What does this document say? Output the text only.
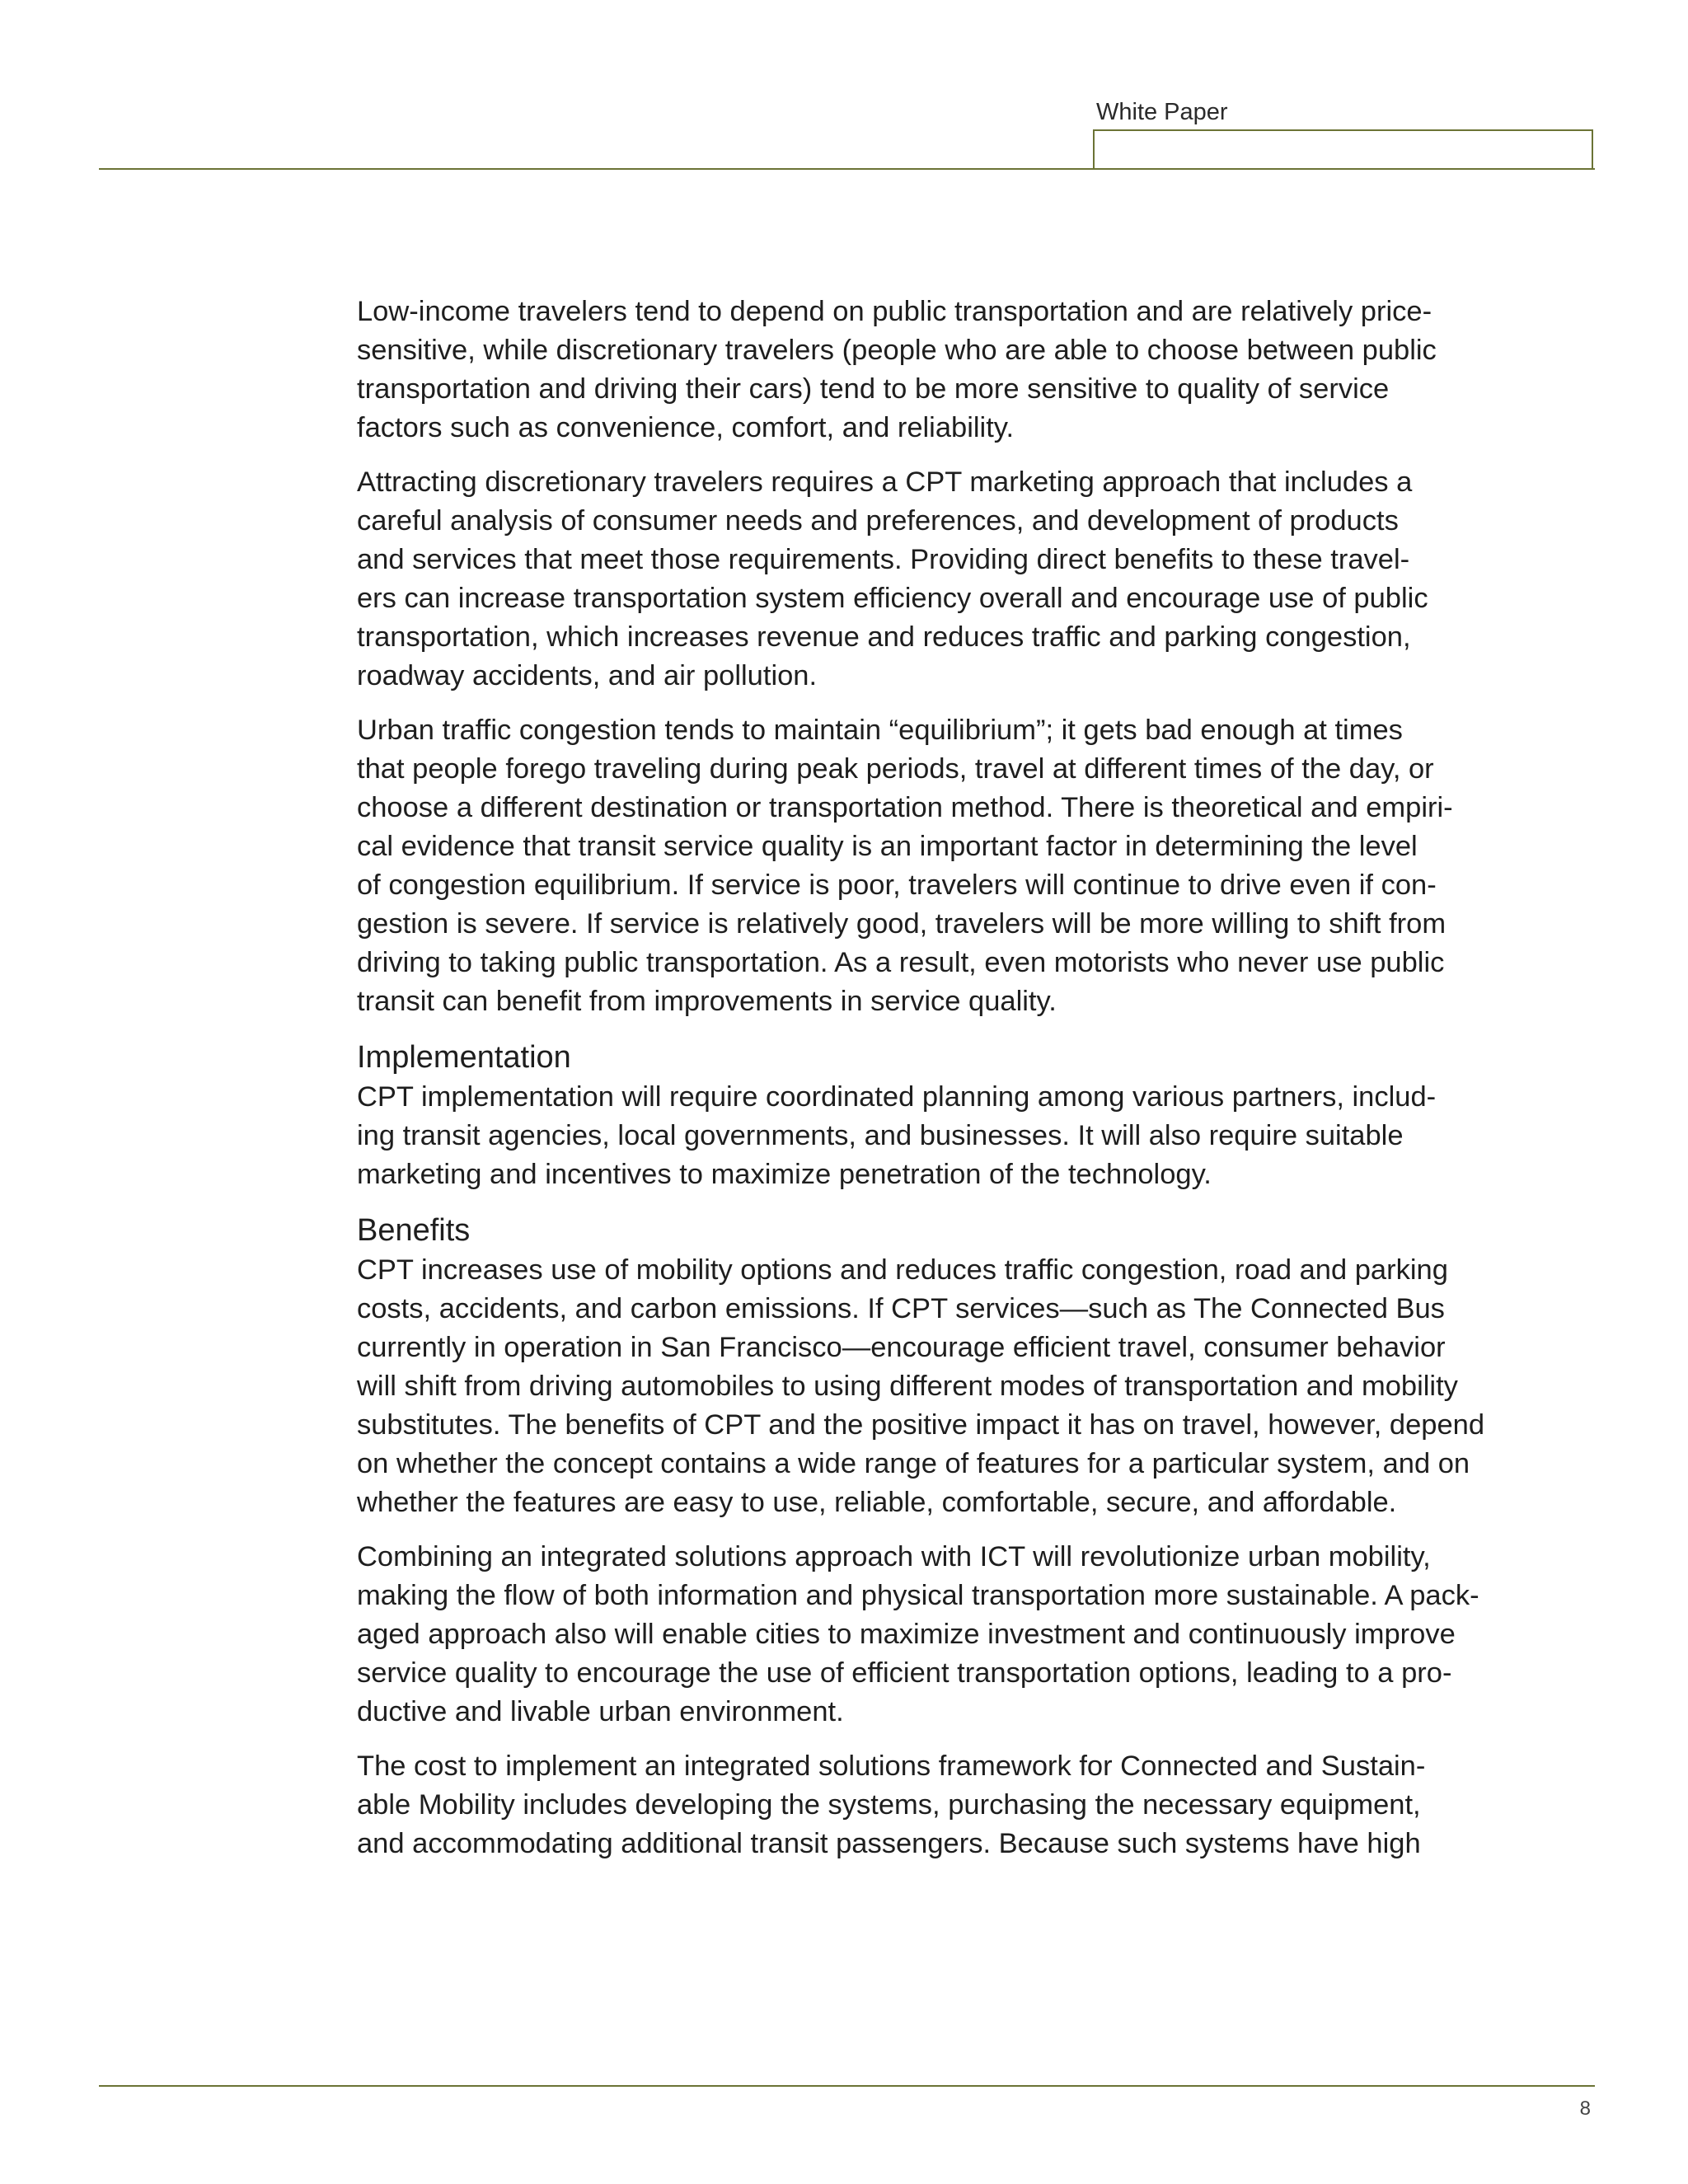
White Paper

Low-income travelers tend to depend on public transportation and are relatively price-
sensitive, while discretionary travelers (people who are able to choose between public
transportation and driving their cars) tend to be more sensitive to quality of service
factors such as convenience, comfort, and reliability.

Attracting discretionary travelers requires a CPT marketing approach that includes a
careful analysis of consumer needs and preferences, and development of products
and services that meet those requirements. Providing direct benefits to these travel-
ers can increase transportation system efficiency overall and encourage use of public
transportation, which increases revenue and reduces traffic and parking congestion,
roadway accidents, and air pollution.

Urban traffic congestion tends to maintain “equilibrium”; it gets bad enough at times
that people forego traveling during peak periods, travel at different times of the day, or
choose a different destination or transportation method. There is theoretical and empiri-
cal evidence that transit service quality is an important factor in determining the level
of congestion equilibrium. If service is poor, travelers will continue to drive even if con-
gestion is severe. If service is relatively good, travelers will be more willing to shift from
driving to taking public transportation. As a result, even motorists who never use public
transit can benefit from improvements in service quality.

Implementation

CPT implementation will require coordinated planning among various partners, includ-
ing transit agencies, local governments, and businesses. It will also require suitable
marketing and incentives to maximize penetration of the technology.

Benefits

CPT increases use of mobility options and reduces traffic congestion, road and parking
costs, accidents, and carbon emissions. If CPT services—such as The Connected Bus
currently in operation in San Francisco—encourage efficient travel, consumer behavior
will shift from driving automobiles to using different modes of transportation and mobility
substitutes. The benefits of CPT and the positive impact it has on travel, however, depend
on whether the concept contains a wide range of features for a particular system, and on
whether the features are easy to use, reliable, comfortable, secure, and affordable.

Combining an integrated solutions approach with ICT will revolutionize urban mobility,
making the flow of both information and physical transportation more sustainable. A pack-
aged approach also will enable cities to maximize investment and continuously improve
service quality to encourage the use of efficient transportation options, leading to a pro-
ductive and livable urban environment.

The cost to implement an integrated solutions framework for Connected and Sustain-
able Mobility includes developing the systems, purchasing the necessary equipment,
and accommodating additional transit passengers. Because such systems have high

8
